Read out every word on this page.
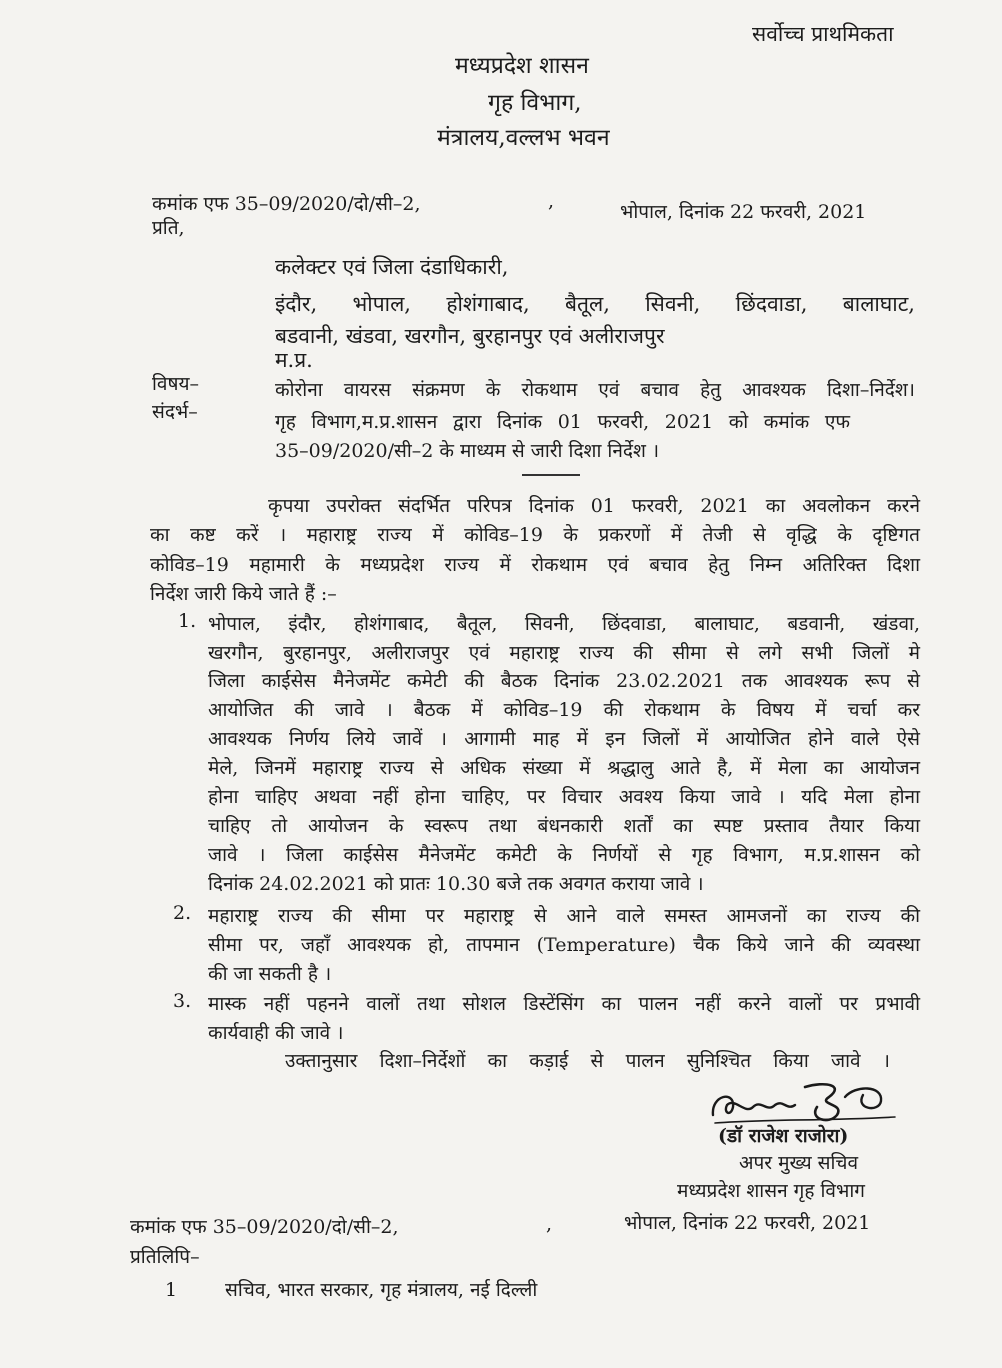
सर्वोच्च प्राथमिकता
मध्यप्रदेश शासन
गृह विभाग,
मंत्रालय,वल्लभ भवन
कमांक एफ 35–09/2020/दो/सी–2,	,	भोपाल, दिनांक 22 फरवरी, 2021
प्रति,
कलेक्टर एवं जिला दंडाधिकारी,
इंदौर, भोपाल, होशंगाबाद, बैतूल, सिवनी, छिंदवाडा, बालाघाट,
बडवानी, खंडवा, खरगौन, बुरहानपुर एवं अलीराजपुर
म.प्र.
विषय–	कोरोना वायरस संक्रमण के रोकथाम एवं बचाव हेतु आवश्यक दिशा–निर्देश।
संदर्भ–	गृह विभाग,म.प्र.शासन द्वारा दिनांक 01 फरवरी, 2021 को कमांक एफ
35–09/2020/सी–2 के माध्यम से जारी दिशा निर्देश ।
कृपया उपरोक्त संदर्भित परिपत्र दिनांक 01 फरवरी, 2021 का अवलोकन करने
का कष्ट करें । महाराष्ट्र राज्य में कोविड–19 के प्रकरणों में तेजी से वृद्धि के दृष्टिगत
कोविड–19 महामारी के मध्यप्रदेश राज्य में रोकथाम एवं बचाव हेतु निम्न अतिरिक्त दिशा
निर्देश जारी किये जाते हैं :–
1. भोपाल, इंदौर, होशंगाबाद, बैतूल, सिवनी, छिंदवाडा, बालाघाट, बडवानी, खंडवा,
खरगौन, बुरहानपुर, अलीराजपुर एवं महाराष्ट्र राज्य की सीमा से लगे सभी जिलों मे
जिला काईसेस मैनेजमेंट कमेटी की बैठक दिनांक 23.02.2021 तक आवश्यक रूप से
आयोजित की जावे । बैठक में कोविड–19 की रोकथाम के विषय में चर्चा कर
आवश्यक निर्णय लिये जावें । आगामी माह में इन जिलों में आयोजित होने वाले ऐसे
मेले, जिनमें महाराष्ट्र राज्य से अधिक संख्या में श्रद्धालु आते है, में मेला का आयोजन
होना चाहिए अथवा नहीं होना चाहिए, पर विचार अवश्य किया जावे । यदि मेला होना
चाहिए तो आयोजन के स्वरूप तथा बंधनकारी शर्तों का स्पष्ट प्रस्ताव तैयार किया
जावे । जिला काईसेस मैनेजमेंट कमेटी के निर्णयों से गृह विभाग, म.प्र.शासन को
दिनांक 24.02.2021 को प्रातः 10.30 बजे तक अवगत कराया जावे ।
2. महाराष्ट्र राज्य की सीमा पर महाराष्ट्र से आने वाले समस्त आमजनों का राज्य की
सीमा पर, जहाँ आवश्यक हो, तापमान (Temperature) चैक किये जाने की व्यवस्था
की जा सकती है ।
3. मास्क नहीं पहनने वालों तथा सोशल डिस्टेंसिंग का पालन नहीं करने वालों पर प्रभावी
कार्यवाही की जावे ।
उक्तानुसार दिशा–निर्देशों का कड़ाई से पालन सुनिश्चित किया जावे ।
(डॉ राजेश राजोरा)
अपर मुख्य सचिव
मध्यप्रदेश शासन गृह विभाग
कमांक एफ 35–09/2020/दो/सी–2,	,	भोपाल, दिनांक 22 फरवरी, 2021
प्रतिलिपि–
1	सचिव, भारत सरकार, गृह मंत्रालय, नई दिल्ली
